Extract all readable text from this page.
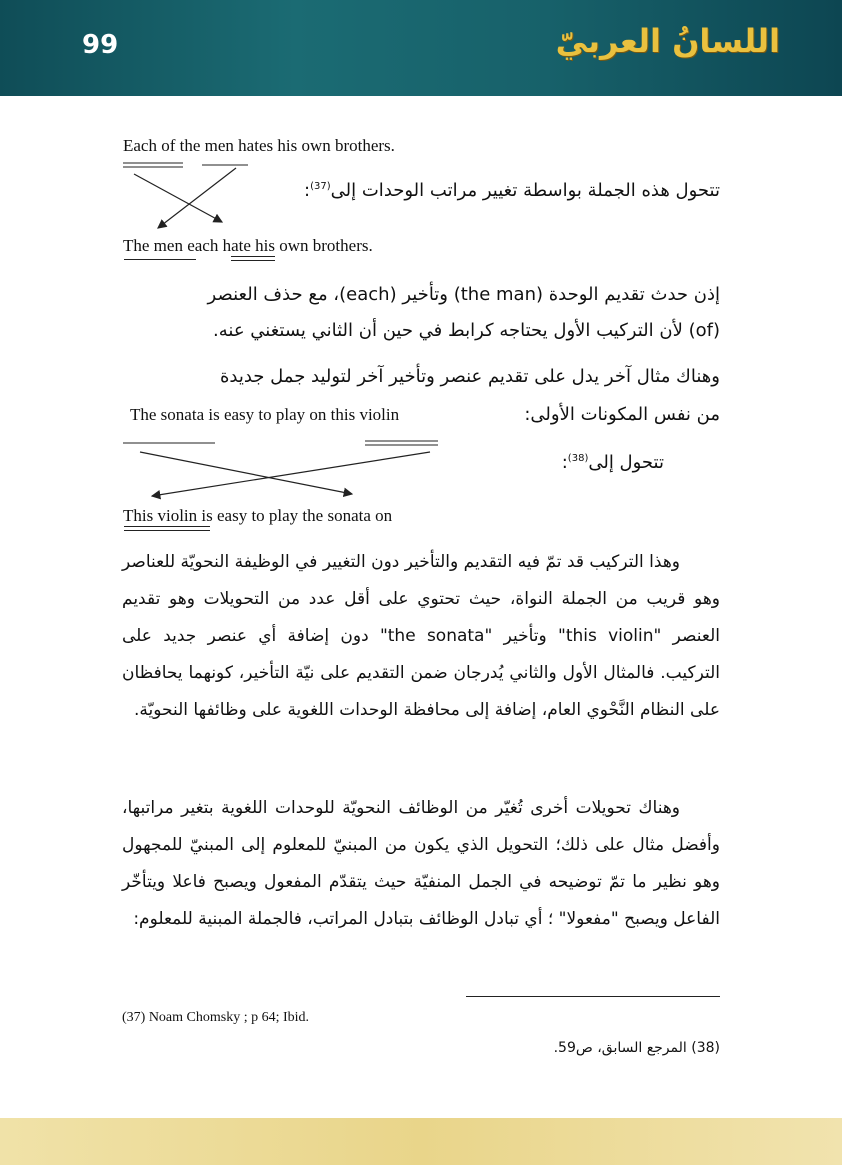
99	اللسانُ العربيّ
Each of the men hates his own brothers.
تتحول هذه الجملة بواسطة تغيير مراتب الوحدات إلى$^{(37)}$:
The men each hate his own brothers.
إذن حدث تقديم الوحدة (the man) وتأخير (each)، مع حذف العنصر
(of) لأن التركيب الأول يحتاجه كرابط في حين أن الثاني يستغني عنه.
وهناك مثال آخر يدل على تقديم عنصر وتأخير آخر لتوليد جمل جديدة
من نفس المكونات الأولى:
The sonata is easy to play on this violin
تتحول إلى$^{(38)}$:
This violin is easy to play the sonata on

وهذا التركيب قد تمّ فيه التقديم والتأخير دون التغيير في الوظيفة النحويّة للعناصر وهو قريب من الجملة النواة، حيث تحتوي على أقل عدد من التحويلات وهو تقديم العنصر "this violin" وتأخير "the sonata" دون إضافة أي عنصر جديد على التركيب. فالمثال الأول والثاني يُدرجان ضمن التقديم على نيّة التأخير، كونهما يحافظان على النظام النَّحْوي العام، إضافة إلى محافظة الوحدات اللغوية على وظائفها النحويّة.

وهناك تحويلات أخرى تُغيّر من الوظائف النحويّة للوحدات اللغوية بتغير مراتبها، وأفضل مثال على ذلك؛ التحويل الذي يكون من المبنيّ للمعلوم إلى المبنيّ للمجهول وهو نظير ما تمّ توضيحه في الجمل المنفيّة حيث يتقدّم المفعول ويصبح فاعلا ويتأخّر الفاعل ويصبح "مفعولا" ؛ أي تبادل الوظائف بتبادل المراتب، فالجملة المبنية للمعلوم:

(37) Noam Chomsky ; p 64; Ibid.
(38) المرجع السابق، ص59.
